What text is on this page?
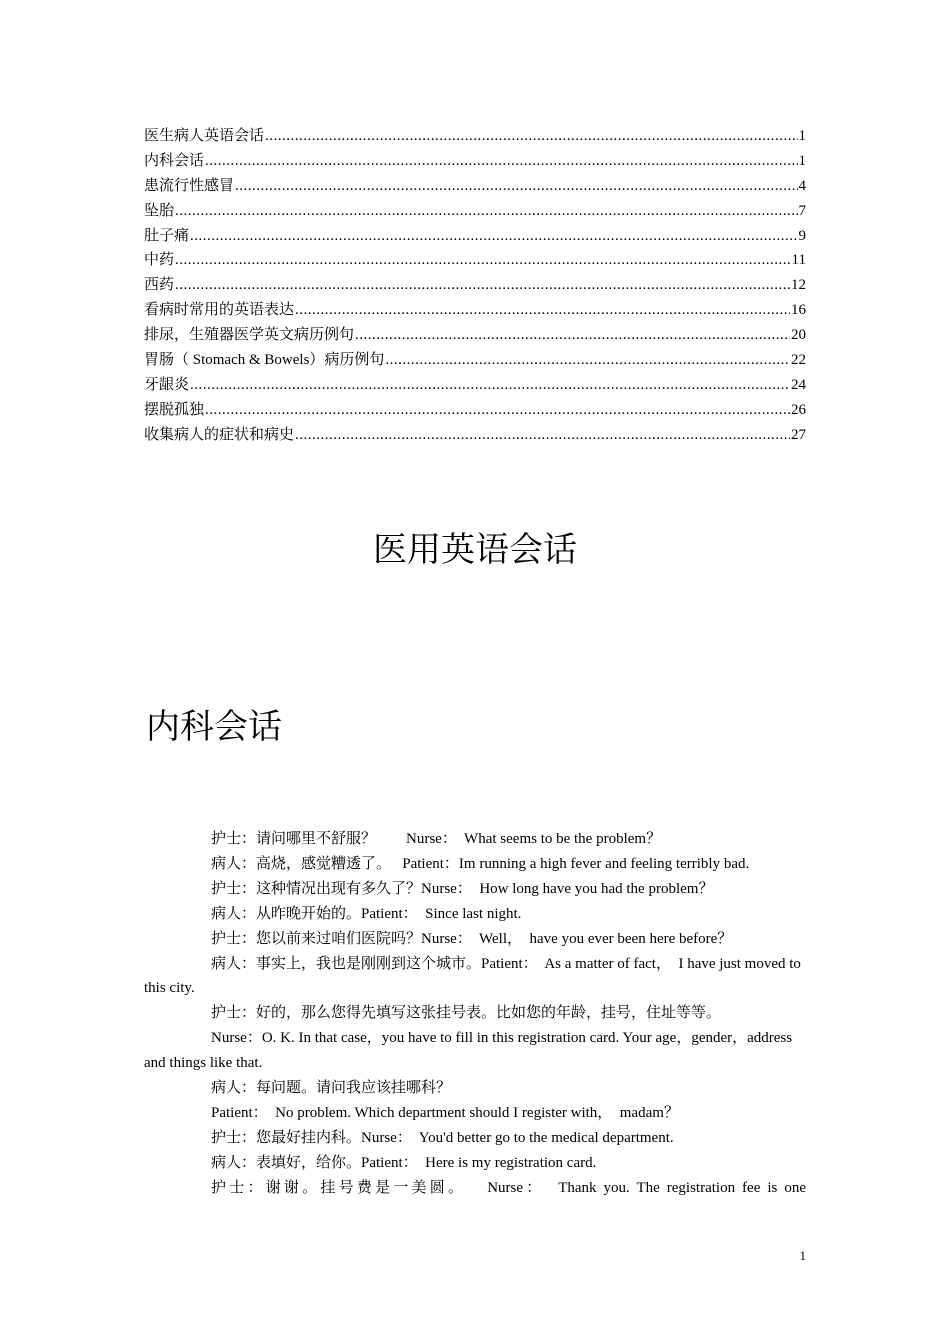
医生病人英语会话 .....	1
内科会话 .....	1
患流行性感冒 .....	4
坠胎 .....	7
肚子痛 .....	9
中药 .....	11
西药 .....	12
看病时常用的英语表达 .....	16
排尿，生殖器医学英文病历例句 .....	20
胃肠（ Stomach & Bowels）病历例句 .....	22
牙龈炎 .....	24
摆脱孤独 .....	26
收集病人的症状和病史 .....	27
医用英语会话
内科会话

护士：请问哪里不舒服？        Nurse：  What seems to be the problem？

病人：高烧，感觉糟透了。   Patient：Im running a high fever and feeling terribly bad.

护士：这种情况出现有多久了？Nurse：  How long have you had the problem？

病人：从昨晚开始的。Patient：  Since last night.

护士：您以前来过咱们医院吗？Nurse：  Well，  have you ever been here before？

病人：事实上，我也是刚刚到这个城市。Patient：  As a matter of fact，  I have just moved to this city.

护士：好的，那么您得先填写这张挂号表。比如您的年龄，挂号，住址等等。

Nurse：O. K. In that case，you have to fill in this registration card. Your age，gender，address and things like that.

病人：每问题。请问我应该挂哪科？

Patient：  No problem. Which department should I register with，  madam？

护士：您最好挂内科。Nurse：  You'd better go to the medical department.

病人：表填好，给你。Patient：  Here is my registration card.

护士：谢谢。挂号费是一美圆。   Nurse：  Thank you. The registration fee is one

1
